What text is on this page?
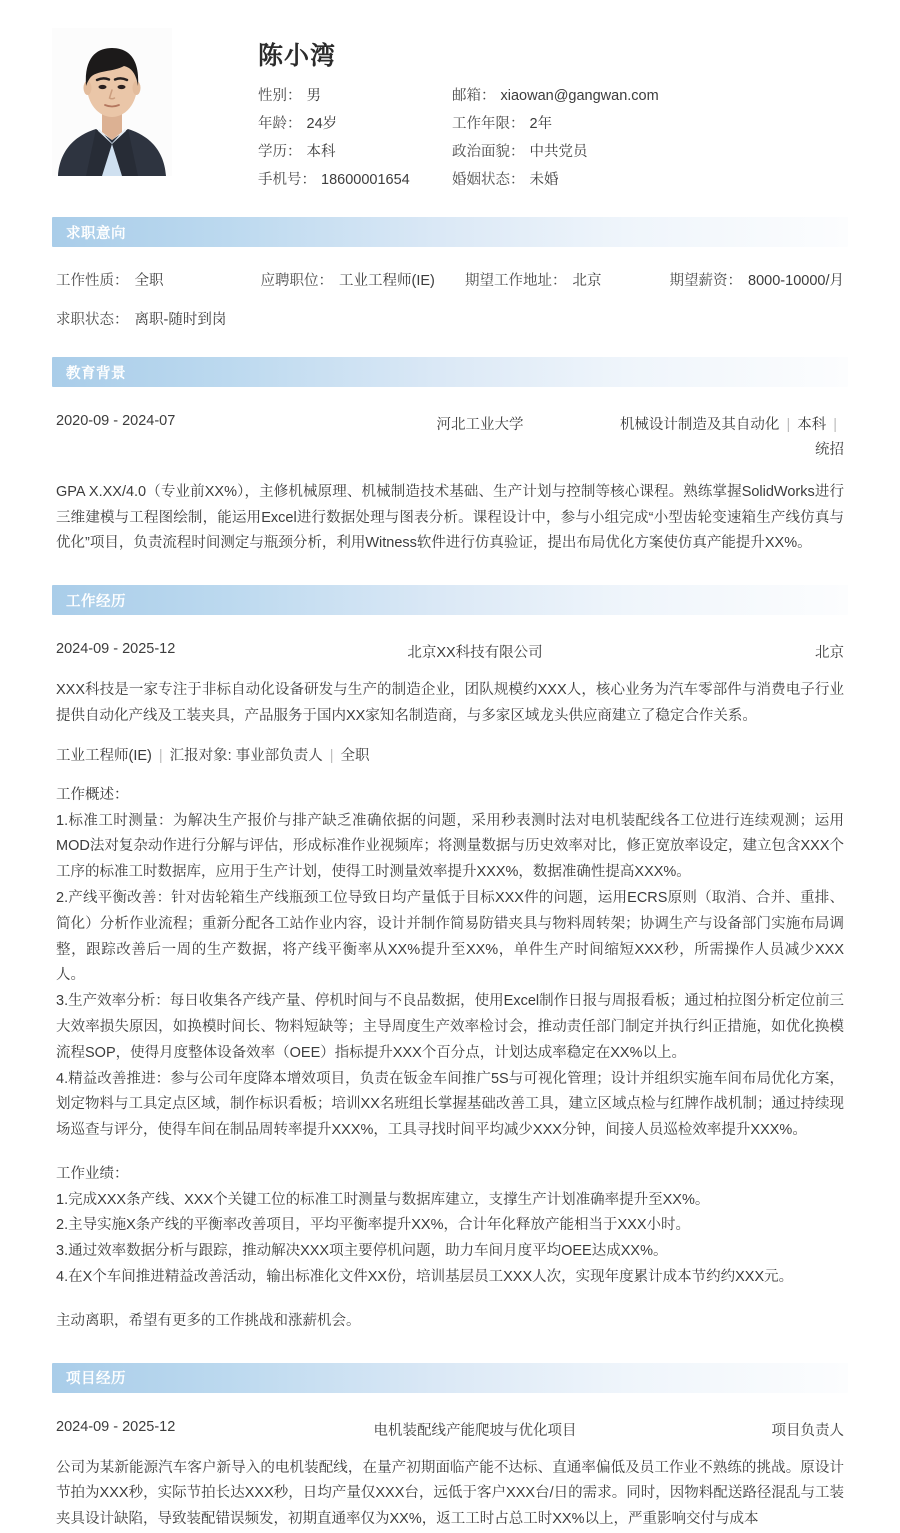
陈小湾
性别： 男	邮箱： xiaowan@gangwan.com
年龄： 24岁	工作年限： 2年
学历： 本科	政治面貌： 中共党员
手机号： 18600001654	婚姻状态： 未婚
求职意向
工作性质： 全职	应聘职位： 工业工程师(IE)	期望工作地址： 北京	期望薪资： 8000-10000/月
求职状态： 离职-随时到岗
教育背景
2020-09 - 2024-07	河北工业大学	机械设计制造及其自动化 | 本科 |统招
GPA X.XX/4.0（专业前XX%），主修机械原理、机械制造技术基础、生产计划与控制等核心课程。熟练掌握SolidWorks进行三维建模与工程图绘制，能运用Excel进行数据处理与图表分析。课程设计中，参与小组完成“小型齿轮变速箱生产线仿真与优化”项目，负责流程时间测定与瓶颈分析，利用Witness软件进行仿真验证，提出布局优化方案使仿真产能提升XX%。
工作经历
2024-09 - 2025-12	北京XX科技有限公司	北京
XXX科技是一家专注于非标自动化设备研发与生产的制造企业，团队规模约XXX人，核心业务为汽车零部件与消费电子行业提供自动化产线及工装夹具，产品服务于国内XX家知名制造商，与多家区域龙头供应商建立了稳定合作关系。
工业工程师(IE) | 汇报对象: 事业部负责人 | 全职
工作概述：
1.标准工时测量：为解决生产报价与排产缺乏准确依据的问题，采用秒表测时法对电机装配线各工位进行连续观测；运用MOD法对复杂动作进行分解与评估，形成标准作业视频库；将测量数据与历史效率对比，修正宽放率设定，建立包含XXX个工序的标准工时数据库，应用于生产计划，使得工时测量效率提升XXX%，数据准确性提高XXX%。
2.产线平衡改善：针对齿轮箱生产线瓶颈工位导致日均产量低于目标XXX件的问题，运用ECRS原则（取消、合并、重排、简化）分析作业流程；重新分配各工站作业内容，设计并制作简易防错夹具与物料周转架；协调生产与设备部门实施布局调整，跟踪改善后一周的生产数据，将产线平衡率从XX%提升至XX%，单件生产时间缩短XXX秒，所需操作人员减少XXX人。
3.生产效率分析：每日收集各产线产量、停机时间与不良品数据，使用Excel制作日报与周报看板；通过柏拉图分析定位前三大效率损失原因，如换模时间长、物料短缺等；主导周度生产效率检讨会，推动责任部门制定并执行纠正措施，如优化换模流程SOP，使得月度整体设备效率（OEE）指标提升XXX个百分点，计划达成率稳定在XX%以上。
4.精益改善推进：参与公司年度降本增效项目，负责在钣金车间推广5S与可视化管理；设计并组织实施车间布局优化方案，划定物料与工具定点区域，制作标识看板；培训XX名班组长掌握基础改善工具，建立区域点检与红牌作战机制；通过持续现场巡查与评分，使得车间在制品周转率提升XXX%，工具寻找时间平均减少XXX分钟，间接人员巡检效率提升XXX%。
工作业绩：
1.完成XXX条产线、XXX个关键工位的标准工时测量与数据库建立，支撑生产计划准确率提升至XX%。
2.主导实施X条产线的平衡率改善项目，平均平衡率提升XX%，合计年化释放产能相当于XXX小时。
3.通过效率数据分析与跟踪，推动解决XXX项主要停机问题，助力车间月度平均OEE达成XX%。
4.在X个车间推进精益改善活动，输出标准化文件XX份，培训基层员工XXX人次，实现年度累计成本节约约XXX元。
主动离职，希望有更多的工作挑战和涨薪机会。
项目经历
2024-09 - 2025-12	电机装配线产能爬坡与优化项目	项目负责人
公司为某新能源汽车客户新导入的电机装配线，在量产初期面临产能不达标、直通率偏低及员工作业不熟练的挑战。原设计节拍为XXX秒，实际节拍长达XXX秒，日均产量仅XXX台，远低于客户XXX台/日的需求。同时，因物料配送路径混乱与工装夹具设计缺陷，导致装配错误频发，初期直通率仅为XX%，返工工时占总工时XX%以上，严重影响交付与成本
